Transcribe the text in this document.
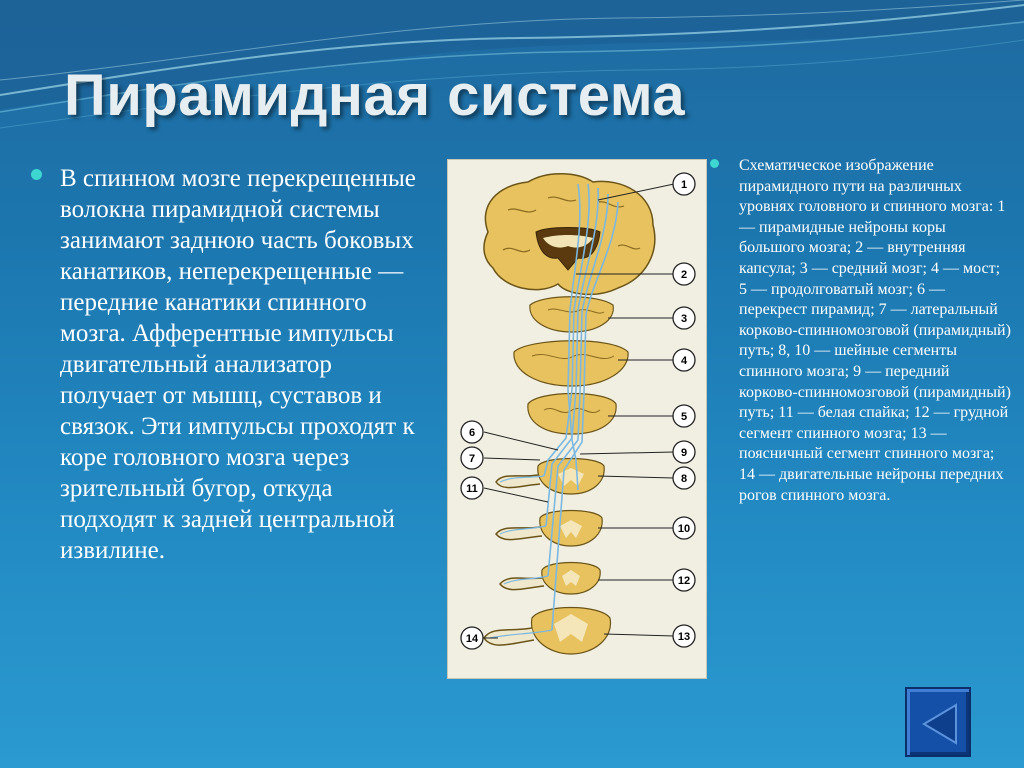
Пирамидная система

В спинном мозге перекрещенные волокна пирамидной системы занимают заднюю часть боковых канатиков, неперекрещенные — передние канатики спинного мозга. Афферентные импульсы двигательный анализатор получает от мышц, суставов и связок. Эти импульсы проходят к коре головного мозга через зрительный бугор, откуда подходят к задней центральной извилине.

Схематическое изображение пирамидного пути на различных уровнях головного и спинного мозга: 1 — пирамидные нейроны коры большого мозга; 2 — внутренняя капсула; 3 — средний мозг; 4 — мост; 5 — продолговатый мозг; 6 — перекрест пирамид; 7 — латеральный корково-спинномозговой (пирамидный) путь; 8, 10 — шейные сегменты спинного мозга; 9 — передний корково-спинномозговой (пирамидный) путь; 11 — белая спайка; 12 — грудной сегмент спинного мозга; 13 — поясничный сегмент спинного мозга; 14 — двигательные нейроны передних рогов спинного мозга.

1
2
3
4
5
9
8
10
12
13
6
7
11
14
